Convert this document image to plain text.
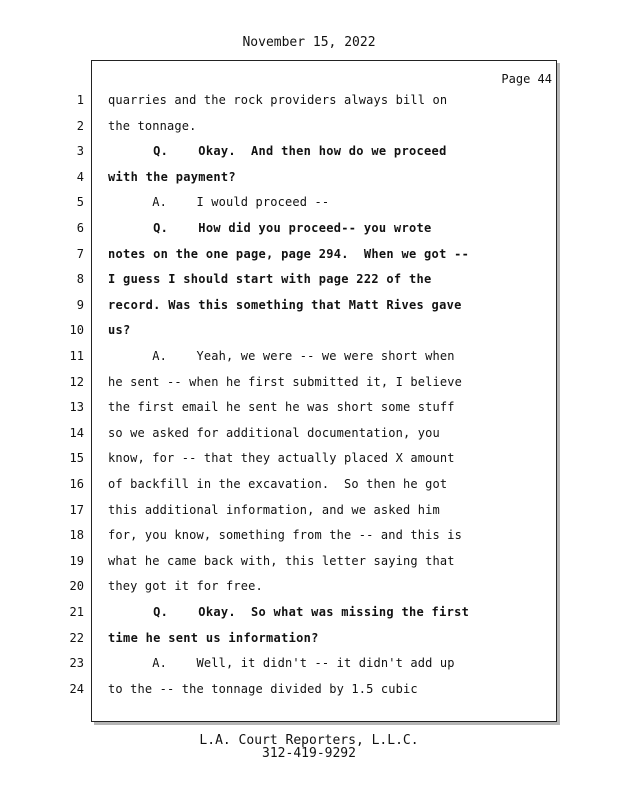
November 15, 2022
Page 44
1 quarries and the rock providers always bill on
2 the tonnage.
3 Q.    Okay.  And then how do we proceed
4 with the payment?
5 A.    I would proceed --
6 Q.    How did you proceed-- you wrote
7 notes on the one page, page 294.  When we got --
8 I guess I should start with page 222 of the
9 record. Was this something that Matt Rives gave
10 us?
11 A.    Yeah, we were -- we were short when
12 he sent -- when he first submitted it, I believe
13 the first email he sent he was short some stuff
14 so we asked for additional documentation, you
15 know, for -- that they actually placed X amount
16 of backfill in the excavation.  So then he got
17 this additional information, and we asked him
18 for, you know, something from the -- and this is
19 what he came back with, this letter saying that
20 they got it for free.
21 Q.    Okay.  So what was missing the first
22 time he sent us information?
23 A.    Well, it didn't -- it didn't add up
24 to the -- the tonnage divided by 1.5 cubic
L.A. Court Reporters, L.L.C.
312-419-9292
